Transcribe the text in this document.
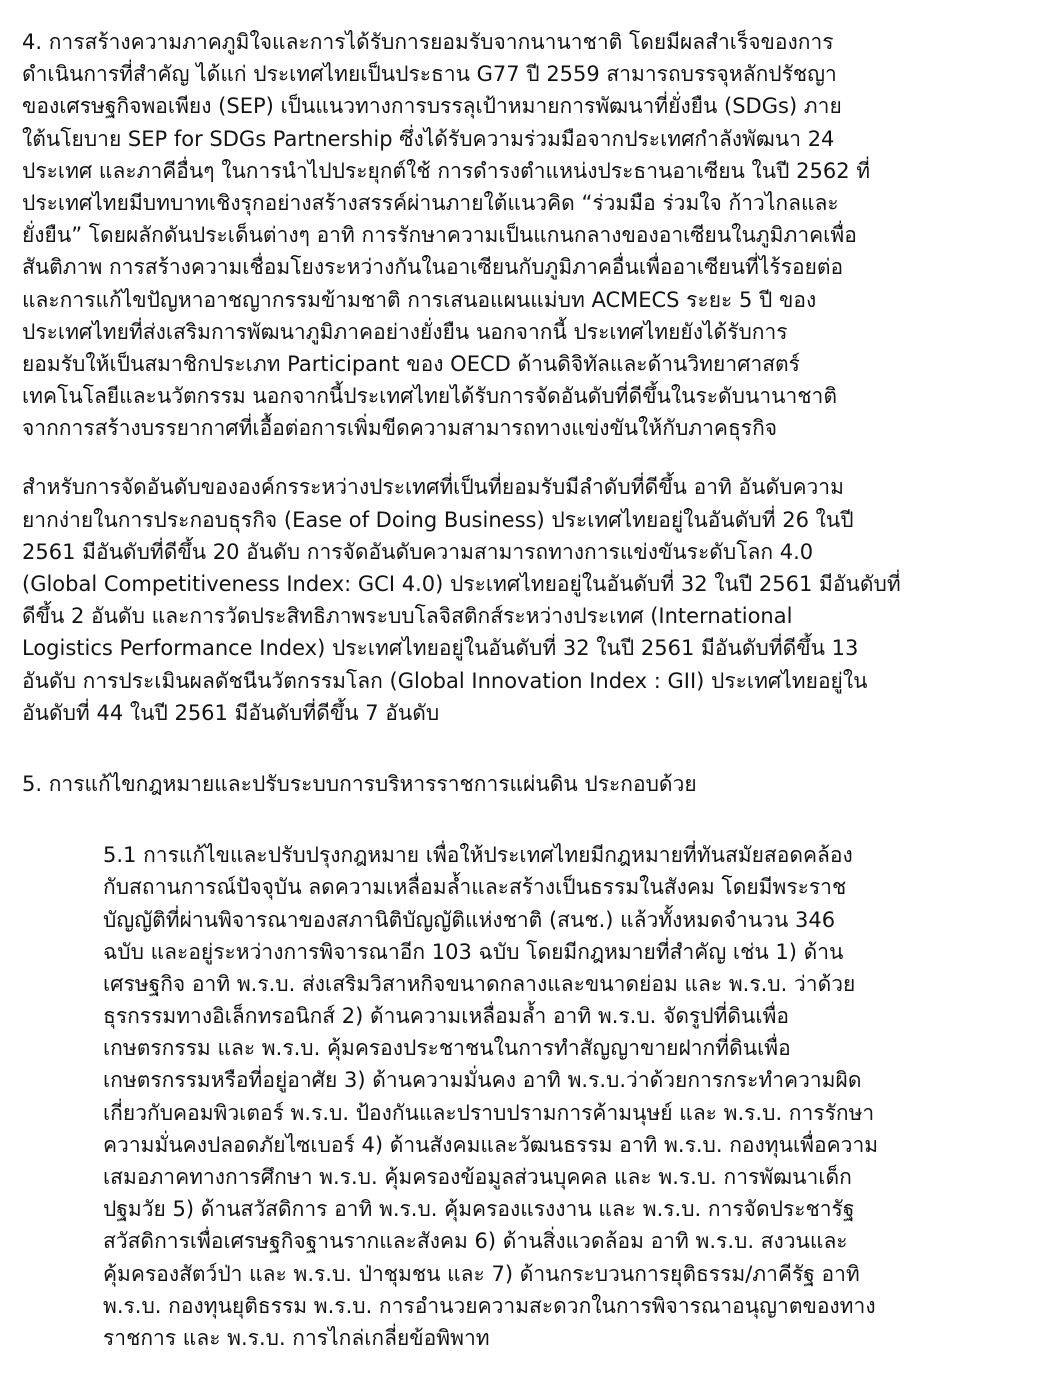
4. การสร้างความภาคภูมิใจและการได้รับการยอมรับจากนานาชาติ โดยมีผลสำเร็จของการ
ดำเนินการที่สำคัญ ได้แก่ ประเทศไทยเป็นประธาน G77 ปี 2559 สามารถบรรจุหลักปรัชญา
ของเศรษฐกิจพอเพียง (SEP) เป็นแนวทางการบรรลุเป้าหมายการพัฒนาที่ยั่งยืน (SDGs) ภาย
ใต้นโยบาย SEP for SDGs Partnership ซึ่งได้รับความร่วมมือจากประเทศกำลังพัฒนา 24
ประเทศ และภาคีอื่นๆ ในการนำไปประยุกต์ใช้ การดำรงตำแหน่งประธานอาเซียน ในปี 2562 ที่
ประเทศไทยมีบทบาทเชิงรุกอย่างสร้างสรรค์ผ่านภายใต้แนวคิด “ร่วมมือ ร่วมใจ ก้าวไกลและ
ยั่งยืน” โดยผลักดันประเด็นต่างๆ อาทิ การรักษาความเป็นแกนกลางของอาเซียนในภูมิภาคเพื่อ
สันติภาพ การสร้างความเชื่อมโยงระหว่างกันในอาเซียนกับภูมิภาคอื่นเพื่ออาเซียนที่ไร้รอยต่อ
และการแก้ไขปัญหาอาชญากรรมข้ามชาติ การเสนอแผนแม่บท ACMECS ระยะ 5 ปี ของ
ประเทศไทยที่ส่งเสริมการพัฒนาภูมิภาคอย่างยั่งยืน นอกจากนี้ ประเทศไทยยังได้รับการ
ยอมรับให้เป็นสมาชิกประเภท Participant ของ OECD ด้านดิจิทัลและด้านวิทยาศาสตร์
เทคโนโลยีและนวัตกรรม นอกจากนี้ประเทศไทยได้รับการจัดอันดับที่ดีขึ้นในระดับนานาชาติ
จากการสร้างบรรยากาศที่เอื้อต่อการเพิ่มขีดความสามารถทางแข่งขันให้กับภาคธุรกิจ
สำหรับการจัดอันดับขององค์กรระหว่างประเทศที่เป็นที่ยอมรับมีลำดับที่ดีขึ้น อาทิ อันดับความ
ยากง่ายในการประกอบธุรกิจ (Ease of Doing Business) ประเทศไทยอยู่ในอันดับที่ 26 ในปี
2561 มีอันดับที่ดีขึ้น 20 อันดับ การจัดอันดับความสามารถทางการแข่งขันระดับโลก 4.0
(Global Competitiveness Index: GCI 4.0) ประเทศไทยอยู่ในอันดับที่ 32 ในปี 2561 มีอันดับที่
ดีขึ้น 2 อันดับ และการวัดประสิทธิภาพระบบโลจิสติกส์ระหว่างประเทศ (International
Logistics Performance Index) ประเทศไทยอยู่ในอันดับที่ 32 ในปี 2561 มีอันดับที่ดีขึ้น 13
อันดับ การประเมินผลดัชนีนวัตกรรมโลก (Global Innovation Index : GII) ประเทศไทยอยู่ใน
อันดับที่ 44 ในปี 2561 มีอันดับที่ดีขึ้น 7 อันดับ
5. การแก้ไขกฎหมายและปรับระบบการบริหารราชการแผ่นดิน ประกอบด้วย
5.1 การแก้ไขและปรับปรุงกฎหมาย เพื่อให้ประเทศไทยมีกฎหมายที่ทันสมัยสอดคล้อง
กับสถานการณ์ปัจจุบัน ลดความเหลื่อมล้ำและสร้างเป็นธรรมในสังคม โดยมีพระราช
บัญญัติที่ผ่านพิจารณาของสภานิติบัญญัติแห่งชาติ (สนช.) แล้วทั้งหมดจำนวน 346
ฉบับ และอยู่ระหว่างการพิจารณาอีก 103 ฉบับ โดยมีกฎหมายที่สำคัญ เช่น 1) ด้าน
เศรษฐกิจ อาทิ พ.ร.บ. ส่งเสริมวิสาหกิจขนาดกลางและขนาดย่อม และ พ.ร.บ. ว่าด้วย
ธุรกรรมทางอิเล็กทรอนิกส์ 2) ด้านความเหลื่อมล้ำ อาทิ พ.ร.บ. จัดรูปที่ดินเพื่อ
เกษตรกรรม และ พ.ร.บ. คุ้มครองประชาชนในการทำสัญญาขายฝากที่ดินเพื่อ
เกษตรกรรมหรือที่อยู่อาศัย 3) ด้านความมั่นคง อาทิ พ.ร.บ.ว่าด้วยการกระทำความผิด
เกี่ยวกับคอมพิวเตอร์ พ.ร.บ. ป้องกันและปราบปรามการค้ามนุษย์ และ พ.ร.บ. การรักษา
ความมั่นคงปลอดภัยไซเบอร์ 4) ด้านสังคมและวัฒนธรรม อาทิ พ.ร.บ. กองทุนเพื่อความ
เสมอภาคทางการศึกษา พ.ร.บ. คุ้มครองข้อมูลส่วนบุคคล และ พ.ร.บ. การพัฒนาเด็ก
ปฐมวัย 5) ด้านสวัสดิการ อาทิ พ.ร.บ. คุ้มครองแรงงาน และ พ.ร.บ. การจัดประชารัฐ
สวัสดิการเพื่อเศรษฐกิจฐานรากและสังคม 6) ด้านสิ่งแวดล้อม อาทิ พ.ร.บ. สงวนและ
คุ้มครองสัตว์ป่า และ พ.ร.บ. ป่าชุมชน และ 7) ด้านกระบวนการยุติธรรม/ภาคีรัฐ อาทิ
พ.ร.บ. กองทุนยุติธรรม พ.ร.บ. การอำนวยความสะดวกในการพิจารณาอนุญาตของทาง
ราชการ และ พ.ร.บ. การไกล่เกลี่ยข้อพิพาท
